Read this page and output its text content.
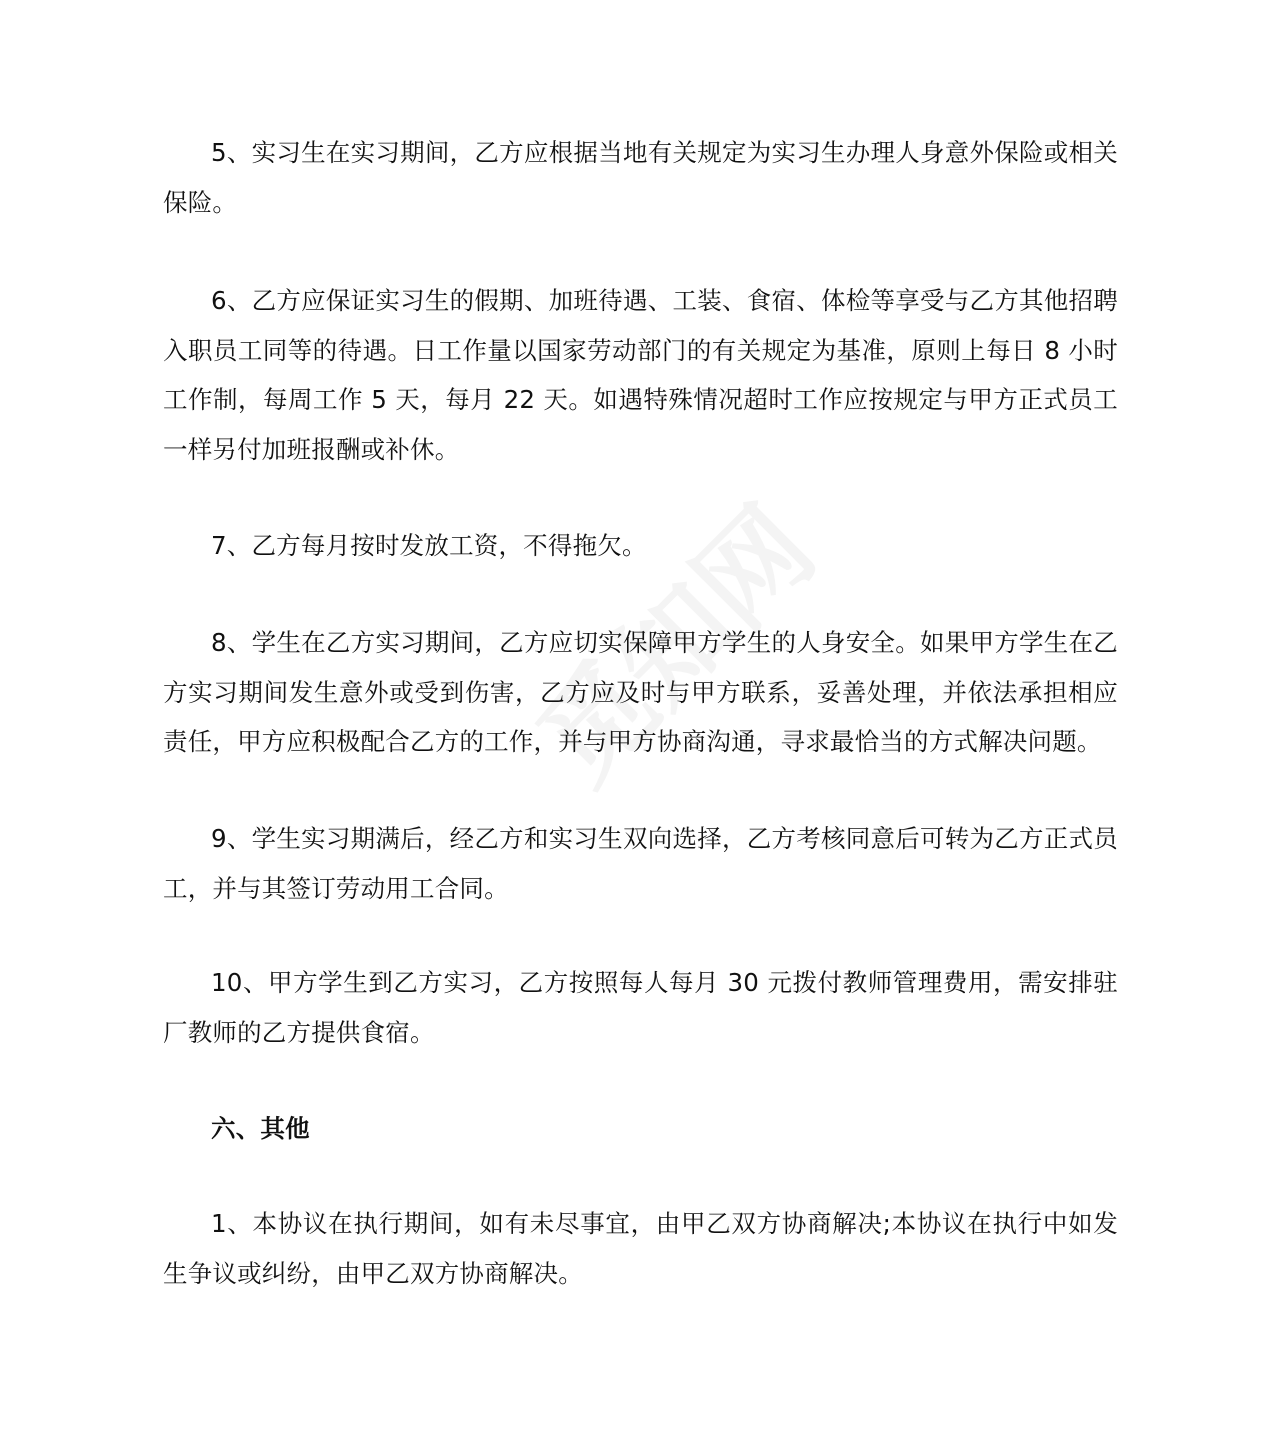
5、实习生在实习期间，乙方应根据当地有关规定为实习生办理人身意外保险或相关保险。

6、乙方应保证实习生的假期、加班待遇、工装、食宿、体检等享受与乙方其他招聘入职员工同等的待遇。日工作量以国家劳动部门的有关规定为基准，原则上每日 8 小时工作制，每周工作 5 天，每月 22 天。如遇特殊情况超时工作应按规定与甲方正式员工一样另付加班报酬或补休。

7、乙方每月按时发放工资，不得拖欠。

8、学生在乙方实习期间，乙方应切实保障甲方学生的人身安全。如果甲方学生在乙方实习期间发生意外或受到伤害，乙方应及时与甲方联系，妥善处理，并依法承担相应责任，甲方应积极配合乙方的工作，并与甲方协商沟通，寻求最恰当的方式解决问题。

9、学生实习期满后，经乙方和实习生双向选择，乙方考核同意后可转为乙方正式员工，并与其签订劳动用工合同。

10、甲方学生到乙方实习，乙方按照每人每月 30 元拨付教师管理费用，需安排驻厂教师的乙方提供食宿。

六、其他

1、本协议在执行期间，如有未尽事宜，由甲乙双方协商解决;本协议在执行中如发生争议或纠纷，由甲乙双方协商解决。
